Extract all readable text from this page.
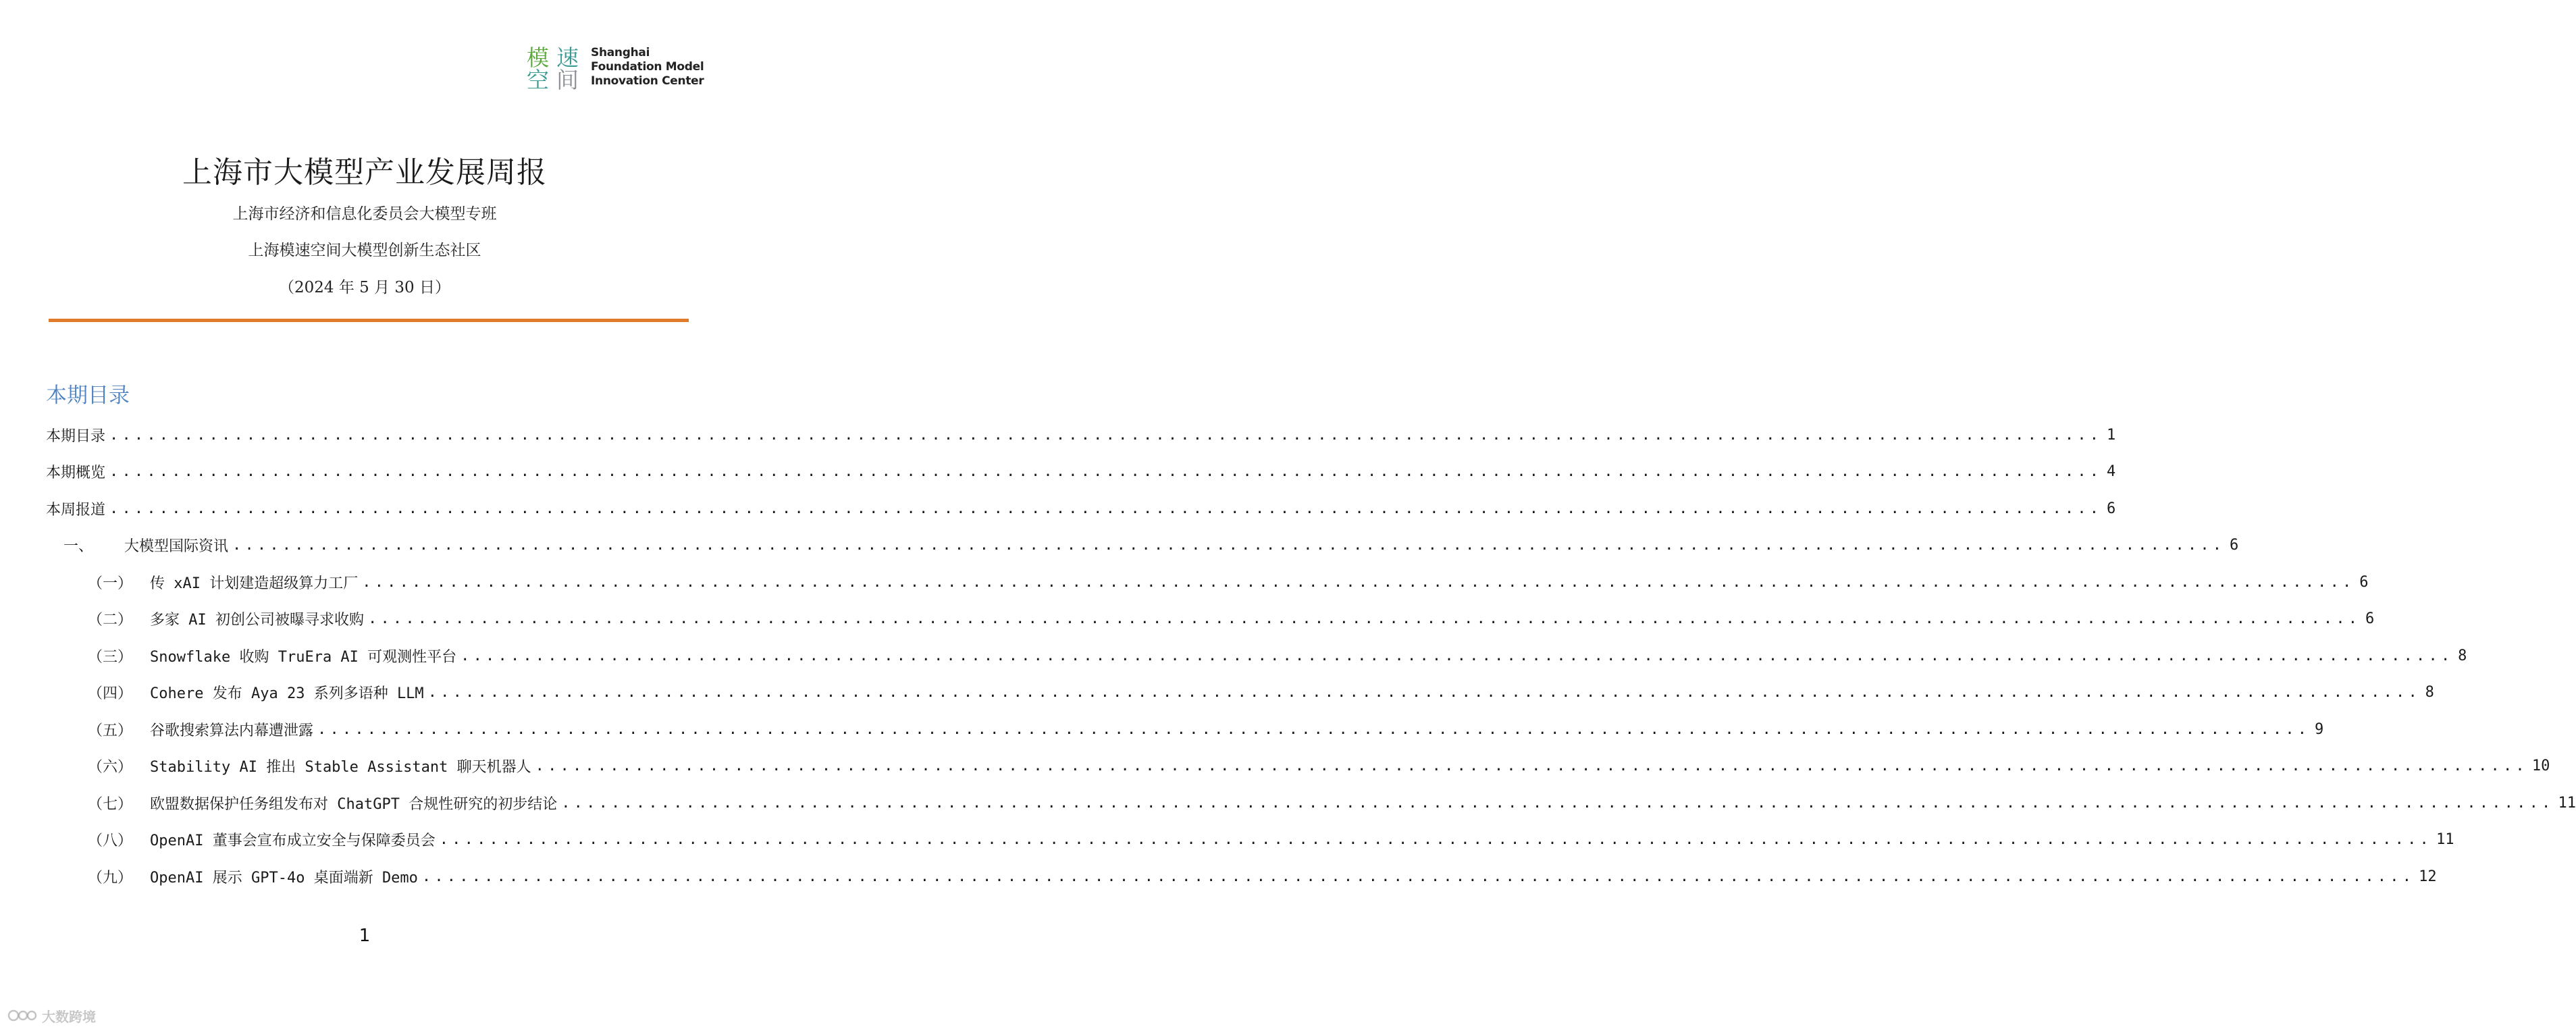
模 速
空 间
Shanghai
Foundation Model
Innovation Center
上海市大模型产业发展周报
上海市经济和信息化委员会大模型专班
上海模速空间大模型创新生态社区
（2024 年 5 月 30 日）
本期目录
本期目录 ................................................................................................................................................................ 1
本期概览 ................................................................................................................................................................ 4
本周报道 ................................................................................................................................................................ 6
一、 大模型国际资讯 ................................................................................................................................................................ 6
（一） 传 xAI 计划建造超级算力工厂 ................................................................................................................................................................ 6
（二） 多家 AI 初创公司被曝寻求收购 ................................................................................................................................................................ 6
（三） Snowflake 收购 TruEra AI 可观测性平台 ................................................................................................................................................................ 8
（四） Cohere 发布 Aya 23 系列多语种 LLM ................................................................................................................................................................ 8
（五） 谷歌搜索算法内幕遭泄露 ................................................................................................................................................................ 9
（六） Stability AI 推出 Stable Assistant 聊天机器人 ................................................................................................................................................................ 10
（七） 欧盟数据保护任务组发布对 ChatGPT 合规性研究的初步结论 ................................................................................................................................................................ 11
（八） OpenAI 董事会宣布成立安全与保障委员会 ................................................................................................................................................................ 11
（九） OpenAI 展示 GPT-4o 桌面端新 Demo ................................................................................................................................................................ 12
1
大数跨境
